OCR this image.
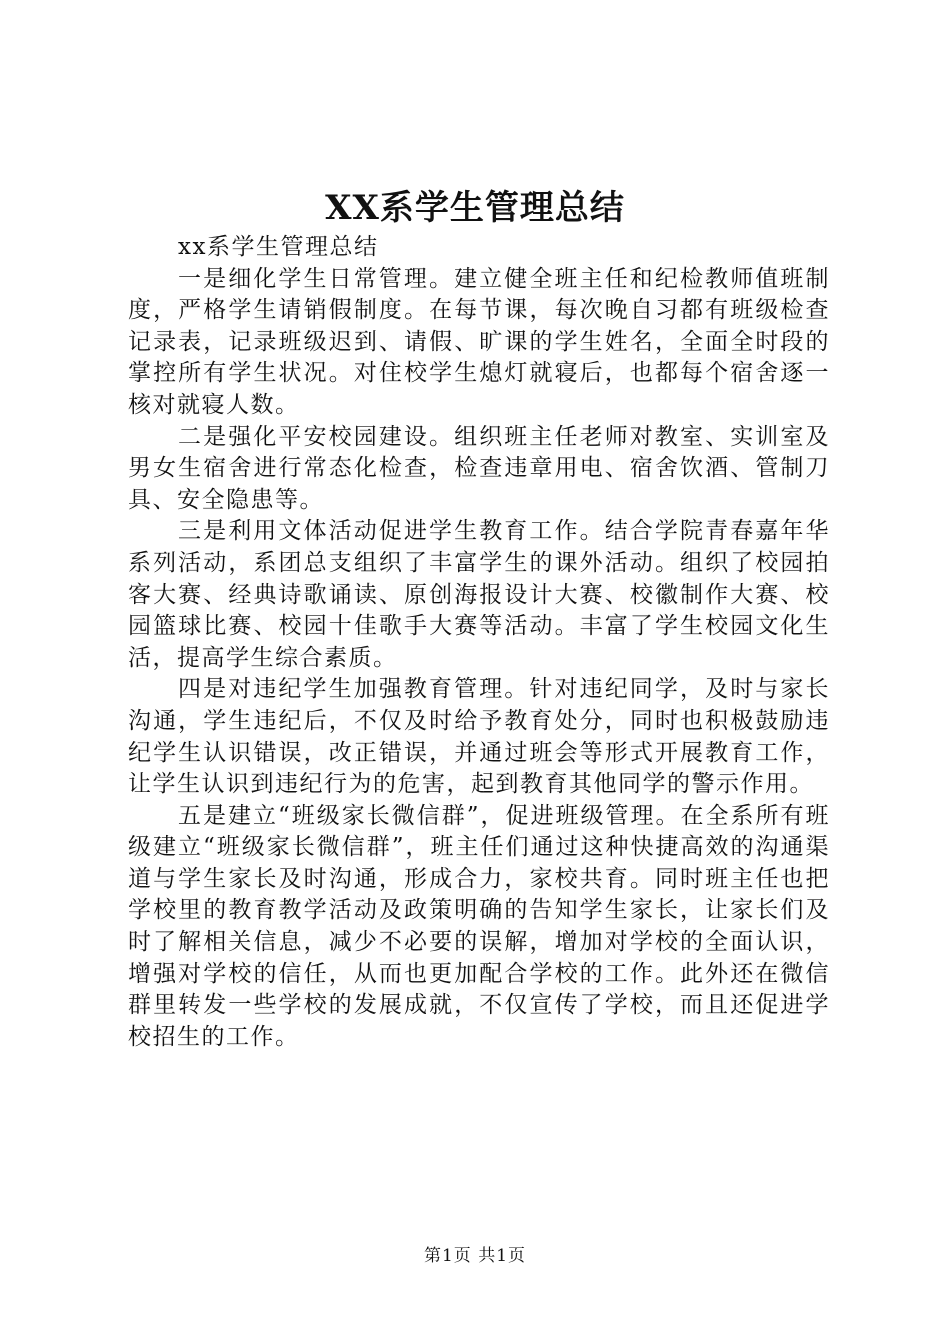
XX系学生管理总结

xx系学生管理总结

一是细化学生日常管理。建立健全班主任和纪检教师值班制度，严格学生请销假制度。在每节课，每次晚自习都有班级检查记录表，记录班级迟到、请假、旷课的学生姓名，全面全时段的掌控所有学生状况。对住校学生熄灯就寝后，也都每个宿舍逐一核对就寝人数。

二是强化平安校园建设。组织班主任老师对教室、实训室及男女生宿舍进行常态化检查，检查违章用电、宿舍饮酒、管制刀具、安全隐患等。

三是利用文体活动促进学生教育工作。结合学院青春嘉年华系列活动，系团总支组织了丰富学生的课外活动。组织了校园拍客大赛、经典诗歌诵读、原创海报设计大赛、校徽制作大赛、校园篮球比赛、校园十佳歌手大赛等活动。丰富了学生校园文化生活，提高学生综合素质。

四是对违纪学生加强教育管理。针对违纪同学，及时与家长沟通，学生违纪后，不仅及时给予教育处分，同时也积极鼓励违纪学生认识错误，改正错误，并通过班会等形式开展教育工作，让学生认识到违纪行为的危害，起到教育其他同学的警示作用。

五是建立“班级家长微信群”，促进班级管理。在全系所有班级建立“班级家长微信群”，班主任们通过这种快捷高效的沟通渠道与学生家长及时沟通，形成合力，家校共育。同时班主任也把学校里的教育教学活动及政策明确的告知学生家长，让家长们及时了解相关信息，减少不必要的误解，增加对学校的全面认识，增强对学校的信任，从而也更加配合学校的工作。此外还在微信群里转发一些学校的发展成就，不仅宣传了学校，而且还促进学校招生的工作。

第1页 共1页
